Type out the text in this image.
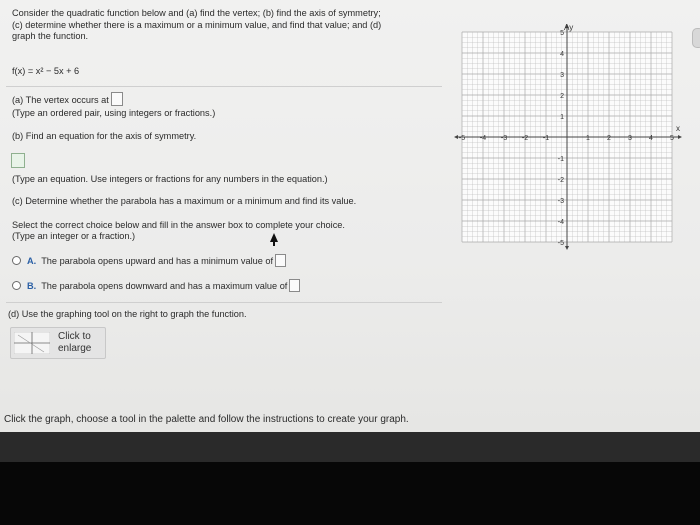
Consider the quadratic function below and (a) find the vertex; (b) find the axis of symmetry;
(c) determine whether there is a maximum or a minimum value, and find that value; and (d)
graph the function.
f(x) = x² − 5x + 6
(a) The vertex occurs at
(Type an ordered pair, using integers or fractions.)
(b) Find an equation for the axis of symmetry.
(Type an equation. Use integers or fractions for any numbers in the equation.)
(c) Determine whether the parabola has a maximum or a minimum and find its value.
Select the correct choice below and fill in the answer box to complete your choice.
(Type an integer or a fraction.)
A. The parabola opens upward and has a minimum value of
B. The parabola opens downward and has a maximum value of
(d) Use the graphing tool on the right to graph the function.
Click to
enlarge
Click the graph, choose a tool in the palette and follow the instructions to create your graph.
-5 -4 -3 -2 -1	1 2 3 4 5
5
4
3
2
1
-1
-2
-3
-4
-5
x
Ay
